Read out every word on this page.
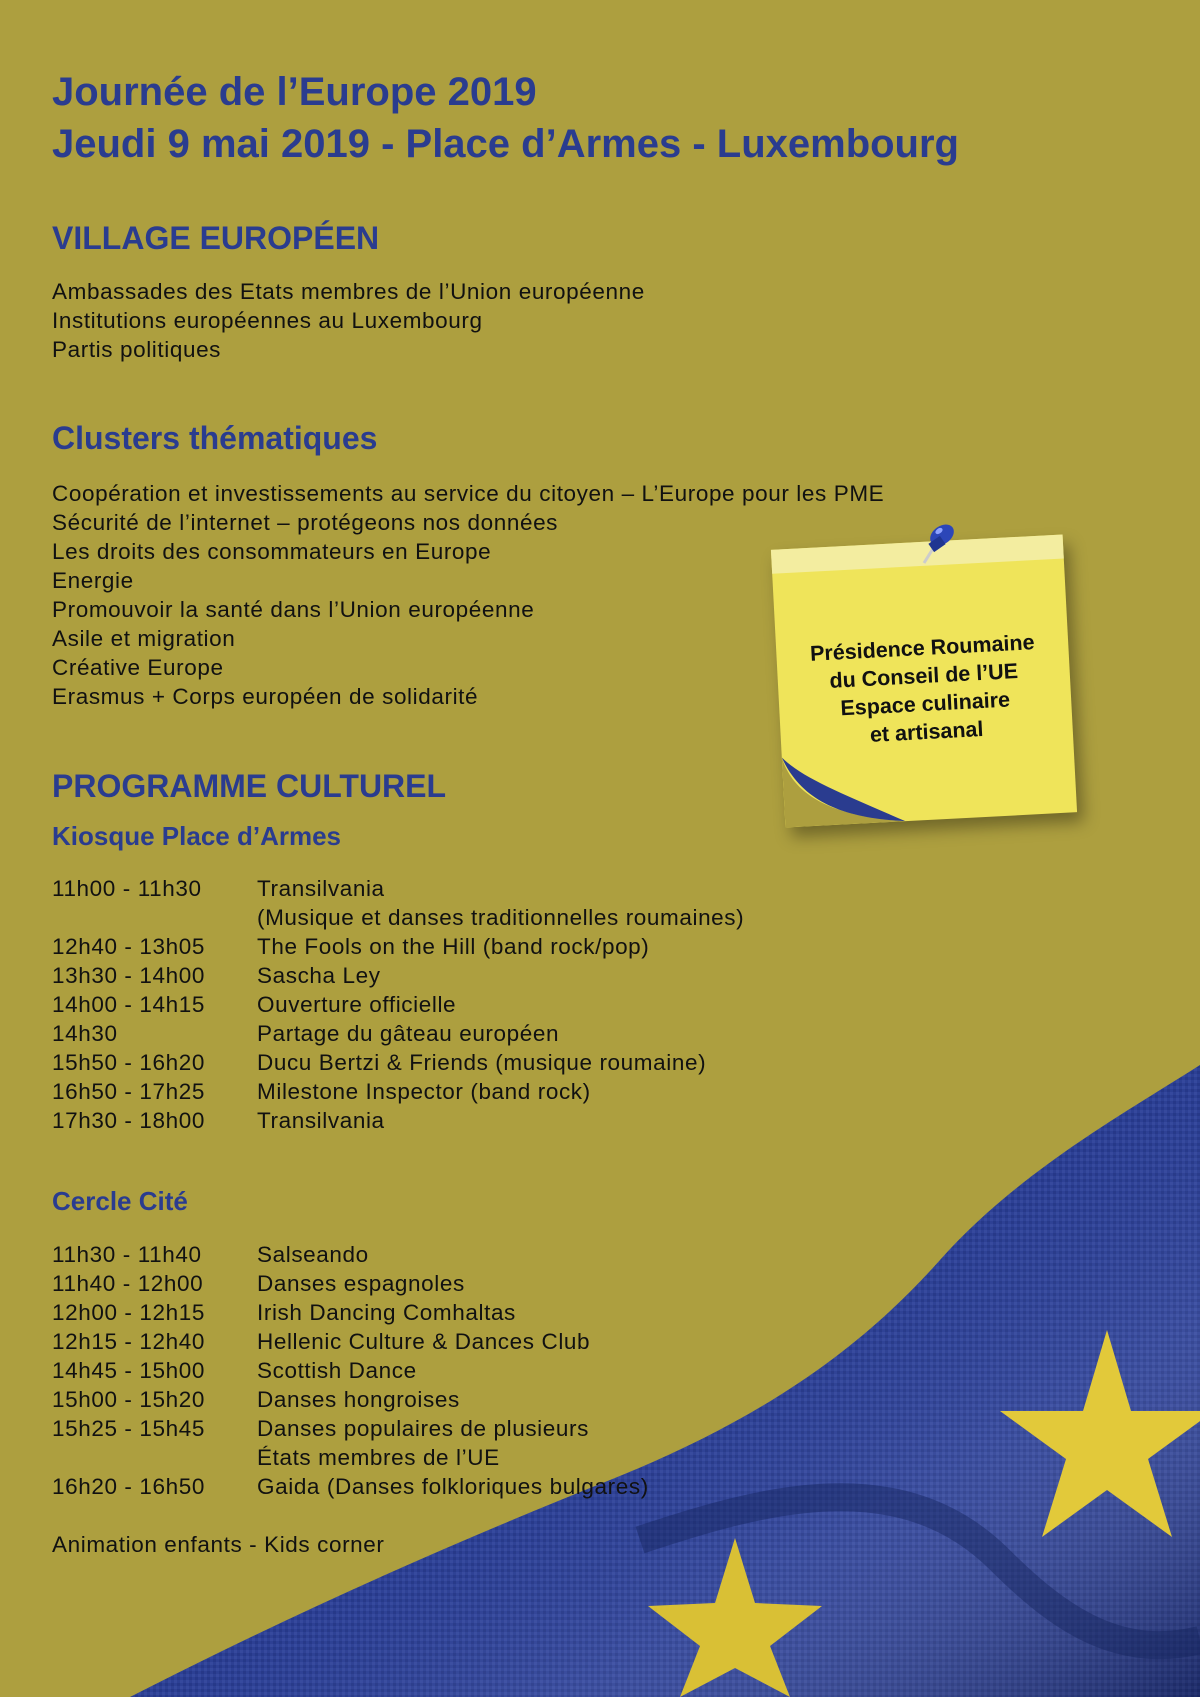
Journée de l’Europe 2019
Jeudi 9 mai 2019 - Place d’Armes - Luxembourg
VILLAGE EUROPÉEN
Ambassades des Etats membres de l’Union européenne
Institutions européennes au Luxembourg
Partis politiques
Clusters thématiques
Coopération et investissements au service du citoyen – L’Europe pour les PME
Sécurité de l’internet – protégeons nos données
Les droits des consommateurs en Europe
Energie
Promouvoir la santé dans l’Union européenne
Asile et migration
Créative Europe
Erasmus + Corps européen de solidarité
Présidence Roumaine
du Conseil de l’UE
Espace culinaire
et artisanal
PROGRAMME CULTUREL
Kiosque Place d’Armes
11h00 - 11h30 Transilvania
(Musique et danses traditionnelles roumaines)
12h40 - 13h05 The Fools on the Hill (band rock/pop)
13h30 - 14h00 Sascha Ley
14h00 - 14h15 Ouverture officielle
14h30	Partage du gâteau européen
15h50 - 16h20 Ducu Bertzi & Friends (musique roumaine)
16h50 - 17h25 Milestone Inspector (band rock)
17h30 - 18h00 Transilvania
Cercle Cité
11h30 - 11h40 Salseando
11h40 - 12h00 Danses espagnoles
12h00 - 12h15 Irish Dancing Comhaltas
12h15 - 12h40 Hellenic Culture & Dances Club
14h45 - 15h00 Scottish Dance
15h00 - 15h20 Danses hongroises
15h25 - 15h45 Danses populaires de plusieurs
États membres de l’UE
16h20 - 16h50 Gaida (Danses folkloriques bulgares)

Animation enfants - Kids corner
